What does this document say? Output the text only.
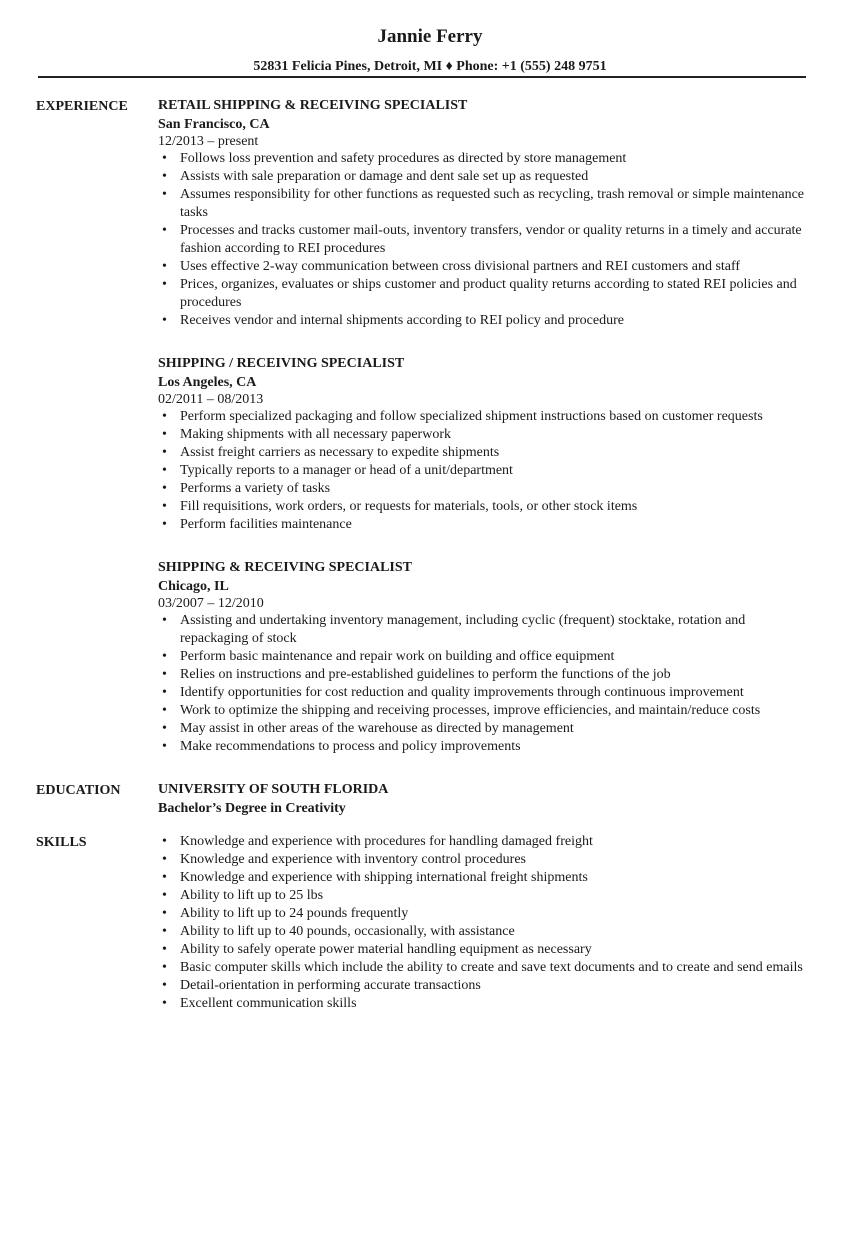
Jannie Ferry
52831 Felicia Pines, Detroit, MI ♦ Phone: +1 (555) 248 9751
EXPERIENCE	RETAIL SHIPPING & RECEIVING SPECIALIST
San Francisco, CA
12/2013 – present
• Follows loss prevention and safety procedures as directed by store management
• Assists with sale preparation or damage and dent sale set up as requested
• Assumes responsibility for other functions as requested such as recycling, trash removal or simple maintenance tasks
• Processes and tracks customer mail-outs, inventory transfers, vendor or quality returns in a timely and accurate fashion according to REI procedures
• Uses effective 2-way communication between cross divisional partners and REI customers and staff
• Prices, organizes, evaluates or ships customer and product quality returns according to stated REI policies and procedures
• Receives vendor and internal shipments according to REI policy and procedure
SHIPPING / RECEIVING SPECIALIST
Los Angeles, CA
02/2011 – 08/2013
• Perform specialized packaging and follow specialized shipment instructions based on customer requests
• Making shipments with all necessary paperwork
• Assist freight carriers as necessary to expedite shipments
• Typically reports to a manager or head of a unit/department
• Performs a variety of tasks
• Fill requisitions, work orders, or requests for materials, tools, or other stock items
• Perform facilities maintenance
SHIPPING & RECEIVING SPECIALIST
Chicago, IL
03/2007 – 12/2010
• Assisting and undertaking inventory management, including cyclic (frequent) stocktake, rotation and repackaging of stock
• Perform basic maintenance and repair work on building and office equipment
• Relies on instructions and pre-established guidelines to perform the functions of the job
• Identify opportunities for cost reduction and quality improvements through continuous improvement
• Work to optimize the shipping and receiving processes, improve efficiencies, and maintain/reduce costs
• May assist in other areas of the warehouse as directed by management
• Make recommendations to process and policy improvements
EDUCATION	UNIVERSITY OF SOUTH FLORIDA
Bachelor’s Degree in Creativity
SKILLS
•	Knowledge and experience with procedures for handling damaged freight
• Knowledge and experience with inventory control procedures
• Knowledge and experience with shipping international freight shipments
• Ability to lift up to 25 lbs
• Ability to lift up to 24 pounds frequently
• Ability to lift up to 40 pounds, occasionally, with assistance
• Ability to safely operate power material handling equipment as necessary
• Basic computer skills which include the ability to create and save text documents and to create and send emails
• Detail-orientation in performing accurate transactions
• Excellent communication skills
